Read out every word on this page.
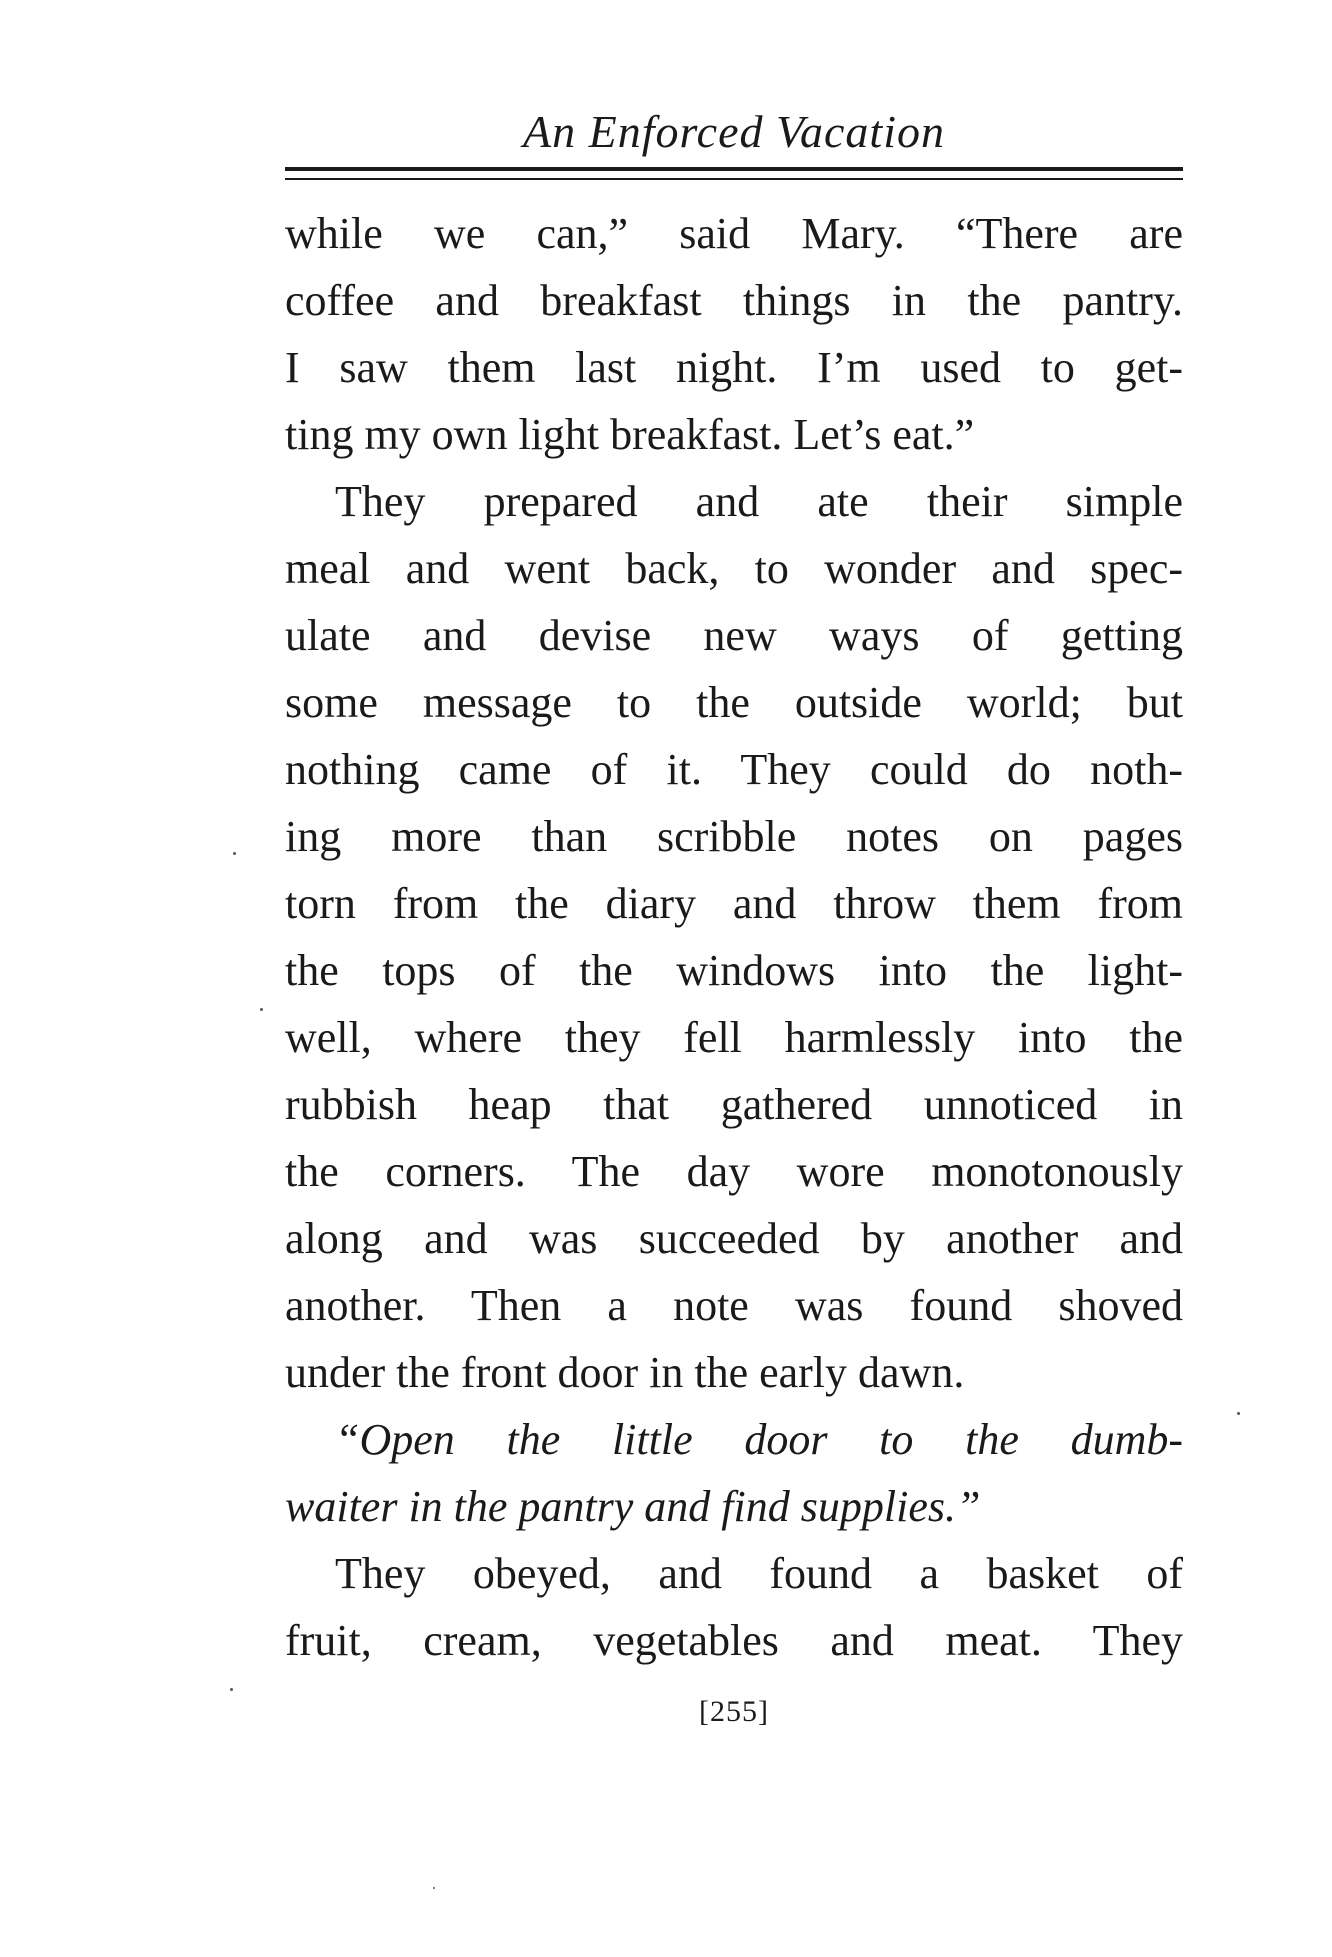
An Enforced Vacation
while we can,” said Mary. “There are
coffee and breakfast things in the pantry.
I saw them last night. I’m used to get-
ting my own light breakfast. Let’s eat.”
They prepared and ate their simple
meal and went back, to wonder and spec-
ulate and devise new ways of getting
some message to the outside world; but
nothing came of it. They could do noth-
ing more than scribble notes on pages
torn from the diary and throw them from
the tops of the windows into the light-
well, where they fell harmlessly into the
rubbish heap that gathered unnoticed in
the corners. The day wore monotonously
along and was succeeded by another and
another. Then a note was found shoved
under the front door in the early dawn.
“Open the little door to the dumb-
waiter in the pantry and find supplies.”
They obeyed, and found a basket of
fruit, cream, vegetables and meat. They
[255]
